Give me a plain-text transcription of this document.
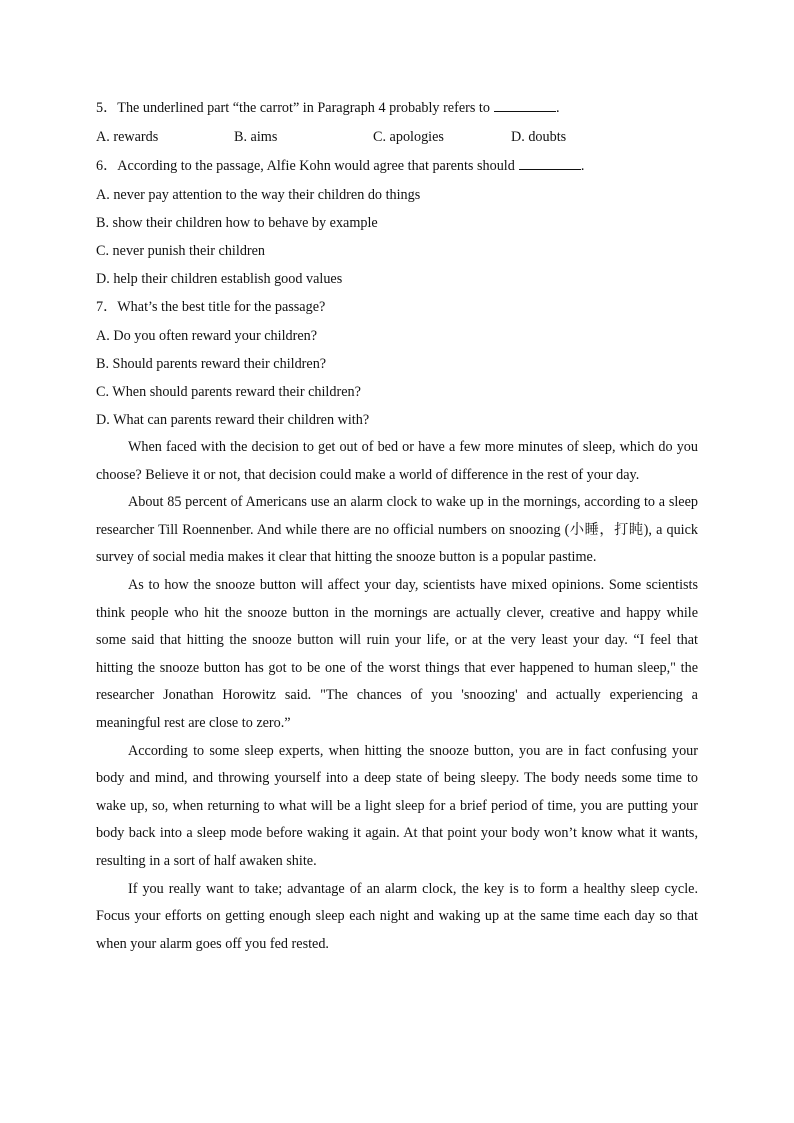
5．The underlined part “the carrot” in Paragraph 4 probably refers to	.
A. rewards	B. aims	C. apologies	D. doubts
6．According to the passage, Alfie Kohn would agree that parents should	.
A. never pay attention to the way their children do things
B. show their children how to behave by example
C. never punish their children
D. help their children establish good values
7．What’s the best title for the passage?
A. Do you often reward your children?
B. Should parents reward their children?
C. When should parents reward their children?
D. What can parents reward their children with?

When faced with the decision to get out of bed or have a few more minutes of sleep, which do you choose? Believe it or not, that decision could make a world of difference in the rest of your day.

About 85 percent of Americans use an alarm clock to wake up in the mornings, according to a sleep researcher Till Roennenber. And while there are no official numbers on snoozing (小睡，打盹), a quick survey of social media makes it clear that hitting the snooze button is a popular pastime.

As to how the snooze button will affect your day, scientists have mixed opinions. Some scientists think people who hit the snooze button in the mornings are actually clever, creative and happy while some said that hitting the snooze button will ruin your life, or at the very least your day. “I feel that hitting the snooze button has got to be one of the worst things that ever happened to human sleep," the researcher Jonathan Horowitz said. "The chances of you 'snoozing' and actually experiencing a meaningful rest are close to zero.”

According to some sleep experts, when hitting the snooze button, you are in fact confusing your body and mind, and throwing yourself into a deep state of being sleepy. The body needs some time to wake up, so, when returning to what will be a light sleep for a brief period of time, you are putting your body back into a sleep mode before waking it again. At that point your body won’t know what it wants, resulting in a sort of half awaken shite.

If you really want to take; advantage of an alarm clock, the key is to form a healthy sleep cycle. Focus your efforts on getting enough sleep each night and waking up at the same time each day so that when your alarm goes off you fed rested.
